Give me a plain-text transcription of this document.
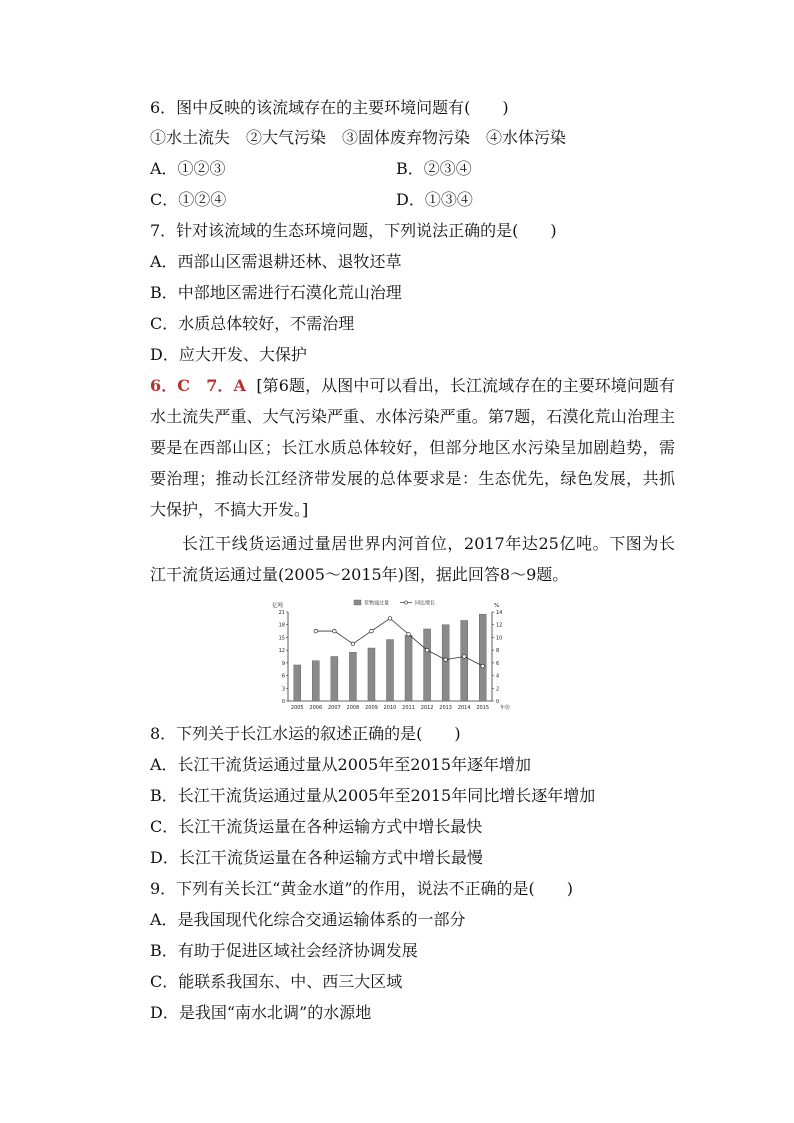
6．图中反映的该流域存在的主要环境问题有(　　)
①水土流失　②大气污染　③固体废弃物污染　④水体污染
A．①②③	B．②③④
C．①②④	D．①③④
7．针对该流域的生态环境问题，下列说法正确的是(　　)
A．西部山区需退耕还林、退牧还草
B．中部地区需进行石漠化荒山治理
C．水质总体较好，不需治理
D．应大开发、大保护
6．C　7．A [第6题，从图中可以看出，长江流域存在的主要环境问题有水土流失严重、大气污染严重、水体污染严重。第7题，石漠化荒山治理主要是在西部山区；长江水质总体较好，但部分地区水污染呈加剧趋势，需要治理；推动长江经济带发展的总体要求是：生态优先，绿色发展，共抓大保护，不搞大开发。]
长江干线货运通过量居世界内河首位，2017年达25亿吨。下图为长江干流货运通过量(2005～2015年)图，据此回答8～9题。
0
3
6
9
12
15
18
21
0
2
4
6
8
10
12
14
亿吨	%
年份
2005 2006 2007 2008 2009 2010 2011 2012 2013 2014 2015
货物通过量	同比增长
8．下列关于长江水运的叙述正确的是(　　)
A．长江干流货运通过量从2005年至2015年逐年增加
B．长江干流货运通过量从2005年至2015年同比增长逐年增加
C．长江干流货运量在各种运输方式中增长最快
D．长江干流货运量在各种运输方式中增长最慢
9．下列有关长江“黄金水道”的作用，说法不正确的是(　　)
A．是我国现代化综合交通运输体系的一部分
B．有助于促进区域社会经济协调发展
C．能联系我国东、中、西三大区域
D．是我国“南水北调”的水源地
